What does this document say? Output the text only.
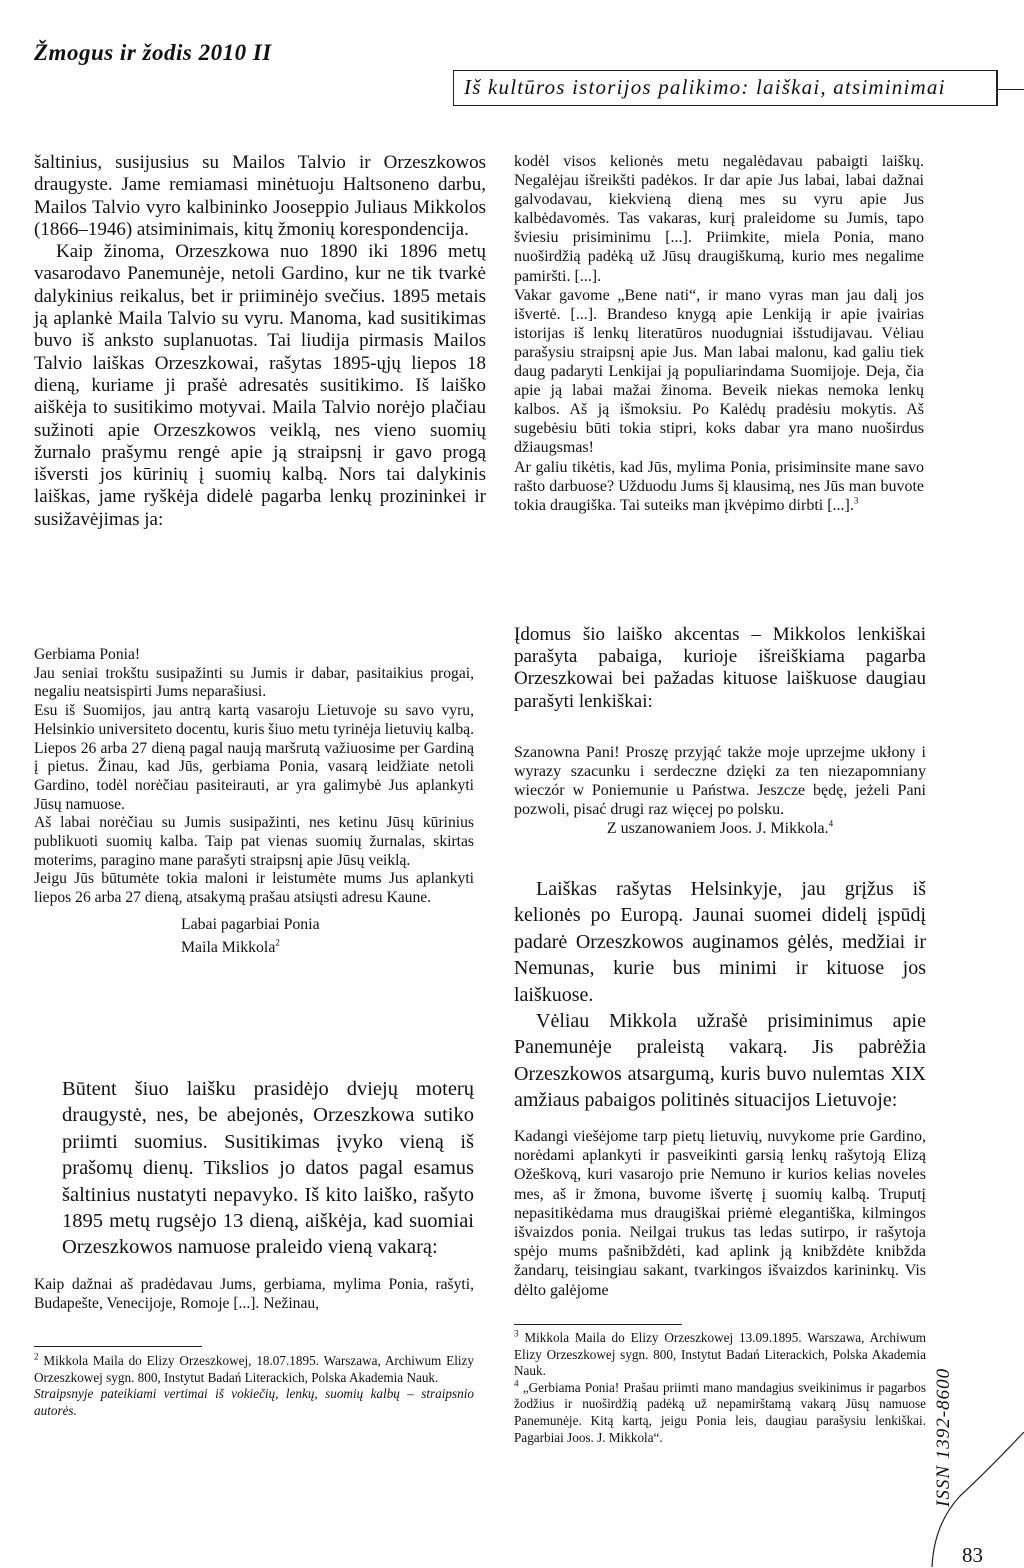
Žmogus ir žodis 2010 II
Iš kultūros istorijos palikimo: laiškai, atsiminimai

šaltinius, susijusius su Mailos Talvio ir Orzeszkowos draugyste. Jame remiamasi minėtuoju Haltsoneno darbu, Mailos Talvio vyro kalbininko Jooseppio Juliaus Mikkolos (1866–1946) atsiminimais, kitų žmonių korespondencija.

Kaip žinoma, Orzeszkowa nuo 1890 iki 1896 metų vasarodavo Panemunėje, netoli Gardino, kur ne tik tvarkė dalykinius reikalus, bet ir priiminėjo svečius. 1895 metais ją aplankė Maila Talvio su vyru. Manoma, kad susitikimas buvo iš anksto suplanuotas. Tai liudija pirmasis Mailos Talvio laiškas Orzeszkowai, rašytas 1895-ųjų liepos 18 dieną, kuriame ji prašė adresatės susitikimo. Iš laiško aiškėja to susitikimo motyvai. Maila Talvio norėjo plačiau sužinoti apie Orzeszkowos veiklą, nes vieno suomių žurnalo prašymu rengė apie ją straipsnį ir gavo progą išversti jos kūrinių į suomių kalbą. Nors tai dalykinis laiškas, jame ryškėja didelė pagarba lenkų prozininkei ir susižavėjimas ja:

Gerbiama Ponia!

Jau seniai trokštu susipažinti su Jumis ir dabar, pasitaikius progai, negaliu neatsispirti Jums neparašiusi.

Esu iš Suomijos, jau antrą kartą vasaroju Lietuvoje su savo vyru, Helsinkio universiteto docentu, kuris šiuo metu tyrinėja lietuvių kalbą. Liepos 26 arba 27 dieną pagal naują maršrutą važiuosime per Gardiną į pietus. Žinau, kad Jūs, gerbiama Ponia, vasarą leidžiate netoli Gardino, todėl norėčiau pasiteirauti, ar yra galimybė Jus aplankyti Jūsų namuose.

Aš labai norėčiau su Jumis susipažinti, nes ketinu Jūsų kūrinius publikuoti suomių kalba. Taip pat vienas suomių žurnalas, skirtas moterims, paragino mane parašyti straipsnį apie Jūsų veiklą.

Jeigu Jūs būtumėte tokia maloni ir leistumėte mums Jus aplankyti liepos 26 arba 27 dieną, atsakymą prašau atsiųsti adresu Kaune.

Labai pagarbiai Ponia
Maila Mikkola$^2$

Būtent šiuo laišku prasidėjo dviejų moterų draugystė, nes, be abejonės, Orzeszkowa sutiko priimti suomius. Susitikimas įvyko vieną iš prašomų dienų. Tikslios jo datos pagal esamus šaltinius nustatyti nepavyko. Iš kito laiško, rašyto 1895 metų rugsėjo 13 dieną, aiškėja, kad suomiai Orzeszkowos namuose praleido vieną vakarą:

Kaip dažnai aš pradėdavau Jums, gerbiama, mylima Ponia, rašyti, Budapešte, Venecijoje, Romoje [...]. Nežinau,

$^2$ Mikkola Maila do Elizy Orzeszkowej, 18.07.1895. Warszawa, Archiwum Elizy Orzeszkowej sygn. 800, Instytut Badań Literackich, Polska Akademia Nauk.

Straipsnyje pateikiami vertimai iš vokiečių, lenkų, suomių kalbų – straipsnio autorės.

kodėl visos kelionės metu negalėdavau pabaigti laiškų. Negalėjau išreikšti padėkos. Ir dar apie Jus labai, labai dažnai galvodavau, kiekvieną dieną mes su vyru apie Jus kalbėdavomės. Tas vakaras, kurį praleidome su Jumis, tapo šviesiu prisiminimu [...]. Priimkite, miela Ponia, mano nuoširdžią padėką už Jūsų draugiškumą, kurio mes negalime pamiršti. [...].

Vakar gavome „Bene nati“, ir mano vyras man jau dalį jos išvertė. [...]. Brandeso knygą apie Lenkiją ir apie įvairias istorijas iš lenkų literatūros nuodugniai išstudijavau. Vėliau parašysiu straipsnį apie Jus. Man labai malonu, kad galiu tiek daug padaryti Lenkijai ją populiarindama Suomijoje. Deja, čia apie ją labai mažai žinoma. Beveik niekas nemoka lenkų kalbos. Aš ją išmoksiu. Po Kalėdų pradėsiu mokytis. Aš sugebėsiu būti tokia stipri, koks dabar yra mano nuoširdus džiaugsmas!

Ar galiu tikėtis, kad Jūs, mylima Ponia, prisiminsite mane savo rašto darbuose? Užduodu Jums šį klausimą, nes Jūs man buvote tokia draugiška. Tai suteiks man įkvėpimo dirbti [...].$^3$

Įdomus šio laiško akcentas – Mikkolos lenkiškai parašyta pabaiga, kurioje išreiškiama pagarba Orzeszkowai bei pažadas kituose laiškuose daugiau parašyti lenkiškai:

Szanowna Pani! Proszę przyjąć także moje uprzejme ukłony i wyrazy szacunku i serdeczne dzięki za ten niezapomniany wieczór w Poniemunie u Państwa. Jeszcze będę, jeżeli Pani pozwoli, pisać drugi raz więcej po polsku.

Z uszanowaniem Joos. J. Mikkola.$^4$

Laiškas rašytas Helsinkyje, jau grįžus iš kelionės po Europą. Jaunai suomei didelį įspūdį padarė Orzeszkowos auginamos gėlės, medžiai ir Nemunas, kurie bus minimi ir kituose jos laiškuose.

Vėliau Mikkola užrašė prisiminimus apie Panemunėje praleistą vakarą. Jis pabrėžia Orzeszkowos atsargumą, kuris buvo nulemtas XIX amžiaus pabaigos politinės situacijos Lietuvoje:

Kadangi viešėjome tarp pietų lietuvių, nuvykome prie Gardino, norėdami aplankyti ir pasveikinti garsią lenkų rašytoją Elizą Ožeškovą, kuri vasarojo prie Nemuno ir kurios kelias noveles mes, aš ir žmona, buvome išvertę į suomių kalbą. Truputį nepasitikėdama mus draugiškai priėmė elegantiška, kilmingos išvaizdos ponia. Neilgai trukus tas ledas sutirpo, ir rašytoja spėjo mums pašnibždėti, kad aplink ją knibždėte knibžda žandarų, teisingiau sakant, tvarkingos išvaizdos karininkų. Vis dėlto galėjome

$^3$ Mikkola Maila do Elizy Orzeszkowej 13.09.1895. Warszawa, Archiwum Elizy Orzeszkowej sygn. 800, Instytut Badań Literackich, Polska Akademia Nauk.

$^4$ „Gerbiama Ponia! Prašau priimti mano mandagius sveikinimus ir pagarbos žodžius ir nuoširdžią padėką už nepamirštamą vakarą Jūsų namuose Panemunėje. Kitą kartą, jeigu Ponia leis, daugiau parašysiu lenkiškai. Pagarbiai Joos. J. Mikkola“.	ISSN 1392-8600
83
